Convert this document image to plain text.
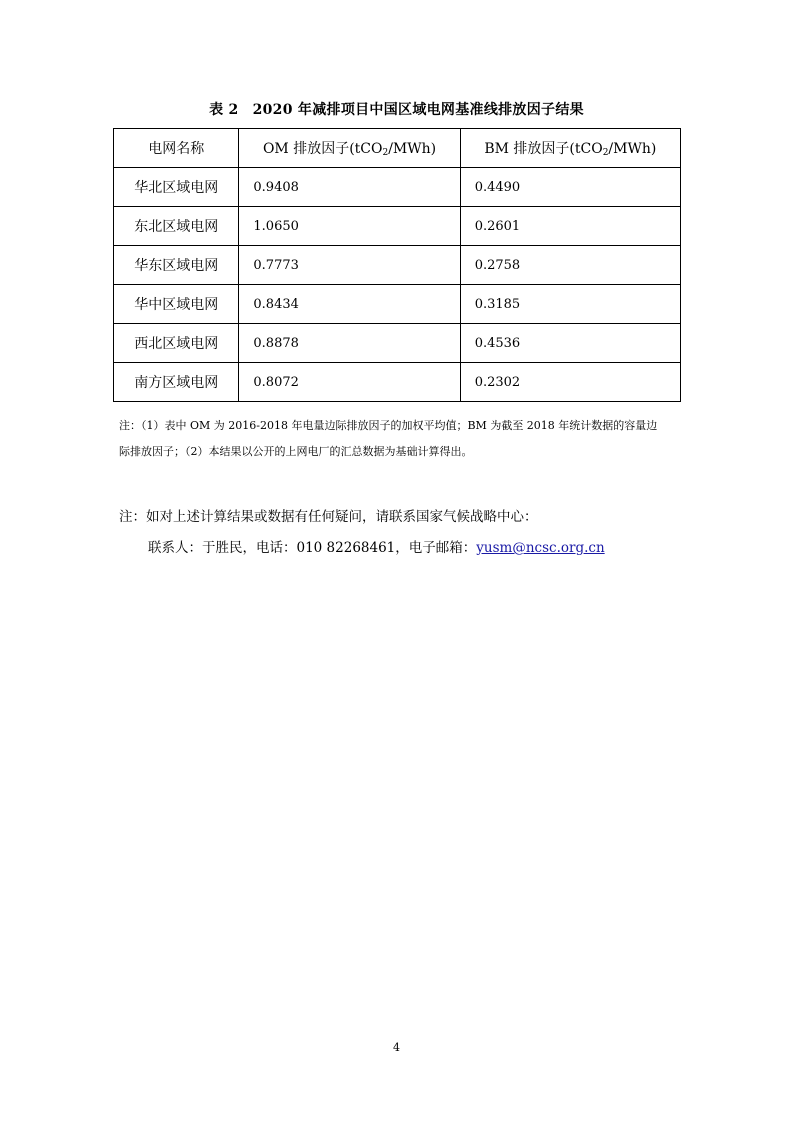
表 2 2020 年减排项目中国区域电网基准线排放因子结果
电网名称	OM 排放因子(tCO$_2$/MWh)	BM 排放因子(tCO$_2$/MWh)
华北区域电网	0.9408	0.4490
东北区域电网	1.0650	0.2601
华东区域电网	0.7773	0.2758
华中区域电网	0.8434	0.3185
西北区域电网	0.8878	0.4536
南方区域电网	0.8072	0.2302
注：（1）表中 OM 为 2016-2018 年电量边际排放因子的加权平均值；BM 为截至 2018 年统计数据的容量边
际排放因子；（2）本结果以公开的上网电厂的汇总数据为基础计算得出。
注：如对上述计算结果或数据有任何疑问，请联系国家气候战略中心：
联系人：于胜民，电话：010 82268461，电子邮箱：yusm@ncsc.org.cn
4
